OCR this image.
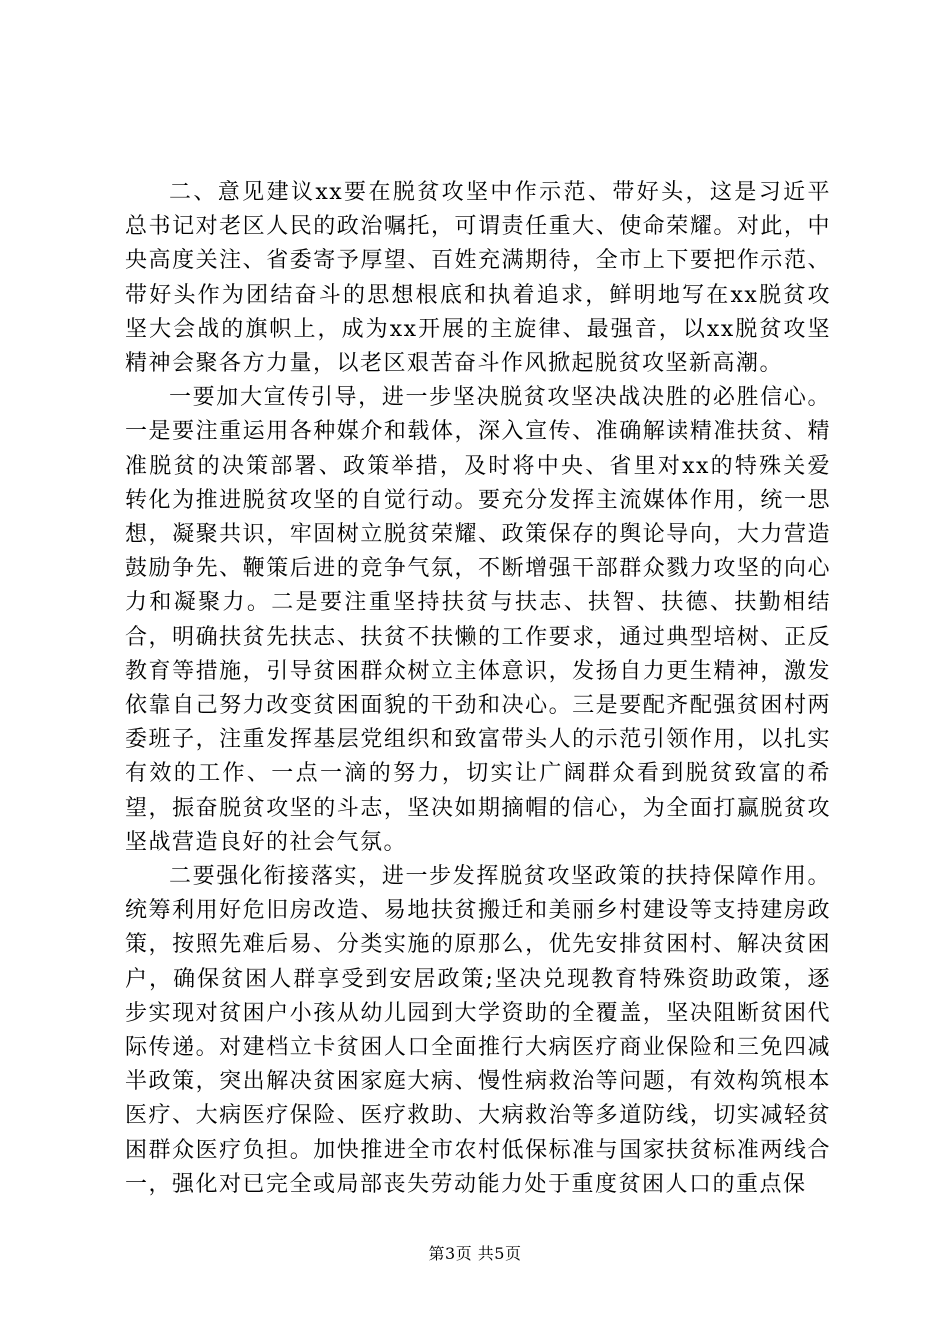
二、意见建议xx要在脱贫攻坚中作示范、带好头，这是习近平总书记对老区人民的政治嘱托，可谓责任重大、使命荣耀。对此，中央高度关注、省委寄予厚望、百姓充满期待，全市上下要把作示范、带好头作为团结奋斗的思想根底和执着追求，鲜明地写在xx脱贫攻坚大会战的旗帜上，成为xx开展的主旋律、最强音，以xx脱贫攻坚精神会聚各方力量，以老区艰苦奋斗作风掀起脱贫攻坚新高潮。

一要加大宣传引导，进一步坚决脱贫攻坚决战决胜的必胜信心。一是要注重运用各种媒介和载体，深入宣传、准确解读精准扶贫、精准脱贫的决策部署、政策举措，及时将中央、省里对xx的特殊关爱转化为推进脱贫攻坚的自觉行动。要充分发挥主流媒体作用，统一思想，凝聚共识，牢固树立脱贫荣耀、政策保存的舆论导向，大力营造鼓励争先、鞭策后进的竞争气氛，不断增强干部群众戮力攻坚的向心力和凝聚力。二是要注重坚持扶贫与扶志、扶智、扶德、扶勤相结合，明确扶贫先扶志、扶贫不扶懒的工作要求，通过典型培树、正反教育等措施，引导贫困群众树立主体意识，发扬自力更生精神，激发依靠自己努力改变贫困面貌的干劲和决心。三是要配齐配强贫困村两委班子，注重发挥基层党组织和致富带头人的示范引领作用，以扎实有效的工作、一点一滴的努力，切实让广阔群众看到脱贫致富的希望，振奋脱贫攻坚的斗志，坚决如期摘帽的信心，为全面打赢脱贫攻坚战营造良好的社会气氛。

二要强化衔接落实，进一步发挥脱贫攻坚政策的扶持保障作用。统筹利用好危旧房改造、易地扶贫搬迁和美丽乡村建设等支持建房政策，按照先难后易、分类实施的原那么，优先安排贫困村、解决贫困户，确保贫困人群享受到安居政策;坚决兑现教育特殊资助政策，逐步实现对贫困户小孩从幼儿园到大学资助的全覆盖，坚决阻断贫困代际传递。对建档立卡贫困人口全面推行大病医疗商业保险和三免四减半政策，突出解决贫困家庭大病、慢性病救治等问题，有效构筑根本医疗、大病医疗保险、医疗救助、大病救治等多道防线，切实减轻贫困群众医疗负担。加快推进全市农村低保标准与国家扶贫标准两线合一，强化对已完全或局部丧失劳动能力处于重度贫困人口的重点保

第3页 共5页
